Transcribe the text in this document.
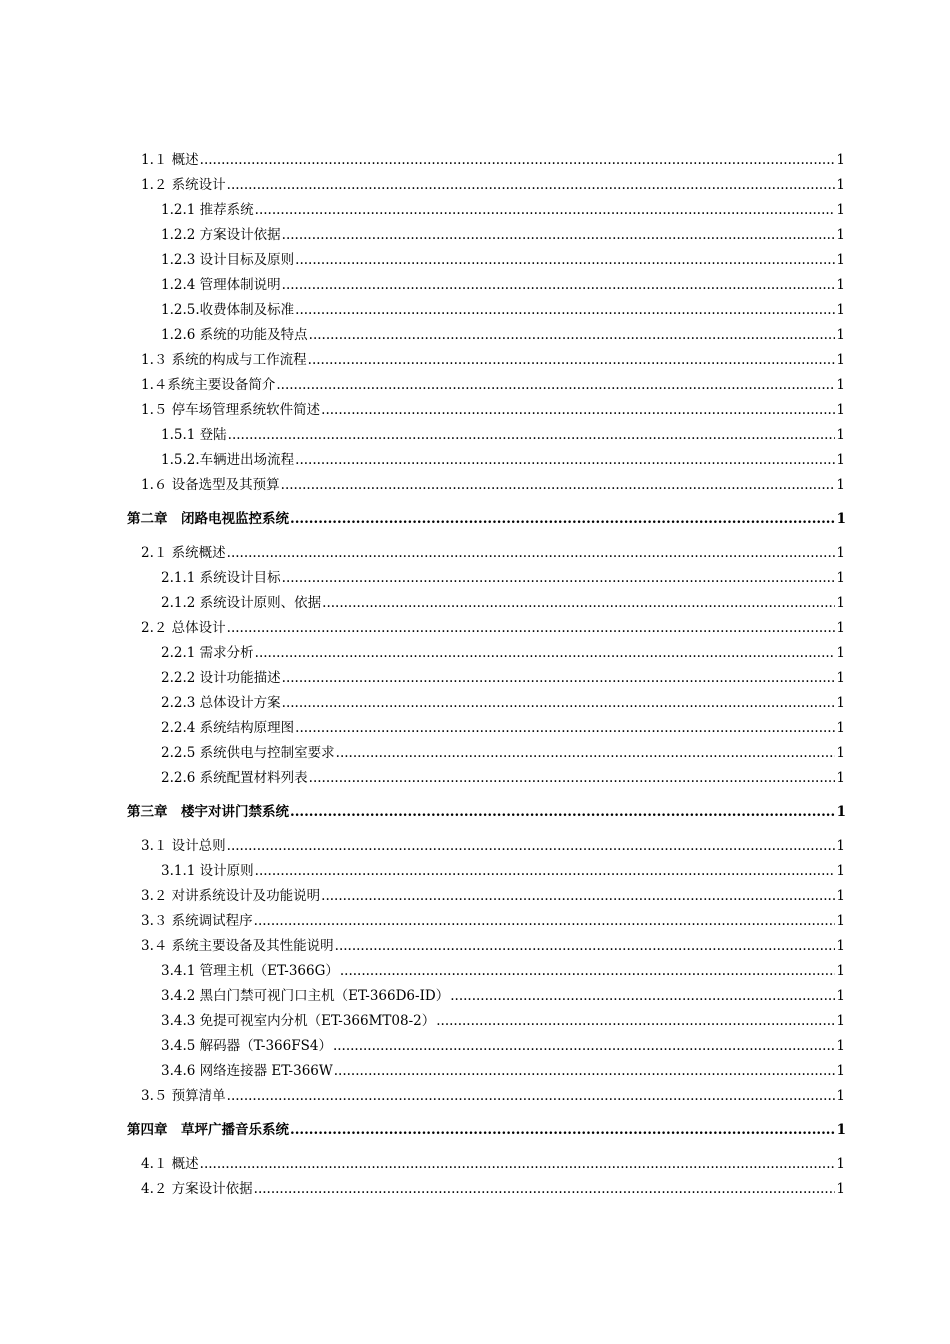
1.１ 概述 .....	1
1.２ 系统设计 .....	1
1.2.1 推荐系统 .....	1
1.2.2 方案设计依据 .....	1
1.2.3 设计目标及原则 .....	1
1.2.4 管理体制说明 .....	1
1.2.5.收费体制及标准 .....	1
1.2.6 系统的功能及特点 .....	1
1.３ 系统的构成与工作流程 .....	1
1.４系统主要设备简介 .....	1
1.５ 停车场管理系统软件简述 .....	1
1.5.1 登陆 .....	1
1.5.2.车辆进出场流程 .....	1
1.６ 设备选型及其预算 .....	1
第二章　闭路电视监控系统 .....	1
2.１ 系统概述 .....	1
2.1.1 系统设计目标 .....	1
2.1.2 系统设计原则、依据 .....	1
2.２ 总体设计 .....	1
2.2.1 需求分析 .....	1
2.2.2 设计功能描述 .....	1
2.2.3 总体设计方案 .....	1
2.2.4 系统结构原理图 .....	1
2.2.5 系统供电与控制室要求 .....	1
2.2.6 系统配置材料列表 .....	1
第三章　楼宇对讲门禁系统 .....	1
3.１ 设计总则 .....	1
3.1.1 设计原则 .....	1
3.２ 对讲系统设计及功能说明 .....	1
3.３ 系统调试程序 .....	1
3.４ 系统主要设备及其性能说明 .....	1
3.4.1 管理主机（ET-366G） .....	1
3.4.2 黑白门禁可视门口主机（ET-366D6-ID） .....	1
3.4.3 免提可视室内分机（ET-366MT08-2） .....	1
3.4.5 解码器（T-366FS4） .....	1
3.4.6 网络连接器 ET-366W .....	1
3.５ 预算清单 .....	1
第四章　草坪广播音乐系统 .....	1
4.１ 概述 .....	1
4.２ 方案设计依据 .....	1
